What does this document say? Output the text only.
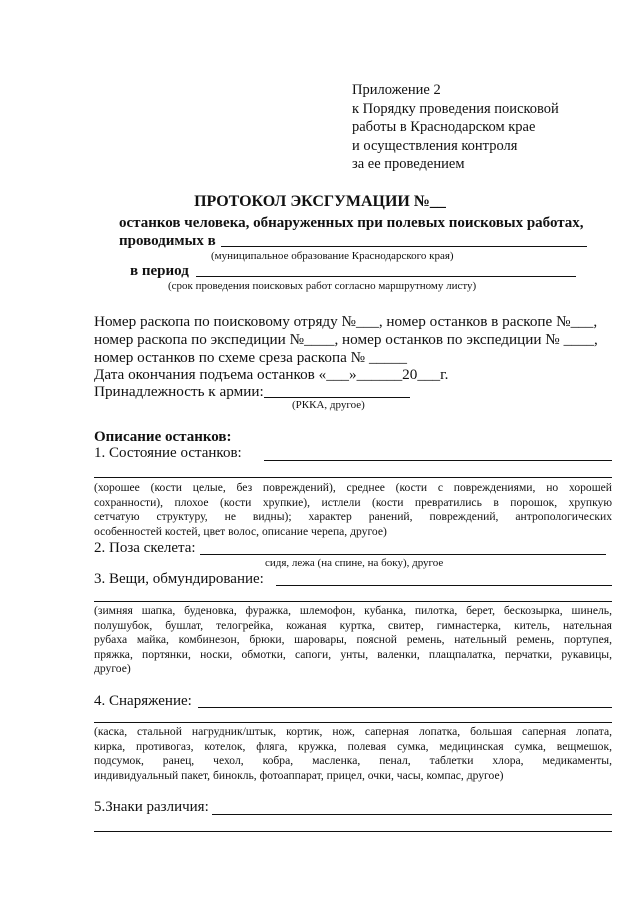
Приложение 2
к Порядку проведения поисковой
работы в Краснодарском крае
и осуществления контроля
за ее проведением
ПРОТОКОЛ ЭКСГУМАЦИИ №__
останков человека, обнаруженных при полевых поисковых работах,
проводимых в
(муниципальное образование Краснодарского края)
в период
(срок проведения поисковых работ согласно маршрутному листу)
Номер раскопа по поисковому отряду №___, номер останков в раскопе №___,
номер раскопа по экспедиции №____, номер останков по экспедиции № ____,
номер останков по схеме среза раскопа № _____
Дата окончания подъема останков «___»______20___г.
Принадлежность к армии:
(РККА, другое)
Описание останков:
1. Состояние останков:
(хорошее (кости целые, без повреждений), среднее (кости с повреждениями, но хорошей
сохранности), плохое (кости хрупкие), истлели (кости превратились в порошок, хрупкую
сетчатую структуру, не видны); характер ранений, повреждений, антропологических
особенностей костей, цвет волос, описание черепа, другое)
2. Поза скелета:
сидя, лежа (на спине, на боку), другое
3. Вещи, обмундирование:
(зимняя шапка, буденовка, фуражка, шлемофон, кубанка, пилотка, берет, бескозырка, шинель,
полушубок, бушлат, телогрейка, кожаная куртка, свитер, гимнастерка, китель, нательная
рубаха майка, комбинезон, брюки, шаровары, поясной ремень, нательный ремень, портупея,
пряжка, портянки, носки, обмотки, сапоги, унты, валенки, плащпалатка, перчатки, рукавицы,
другое)
4. Снаряжение:
(каска, стальной нагрудник/штык, кортик, нож, саперная лопатка, большая саперная лопата,
кирка, противогаз, котелок, фляга, кружка, полевая сумка, медицинская сумка, вещмешок,
подсумок, ранец, чехол, кобра, масленка, пенал, таблетки хлора, медикаменты,
индивидуальный пакет, бинокль, фотоаппарат, прицел, очки, часы, компас, другое)
5.Знаки различия:
